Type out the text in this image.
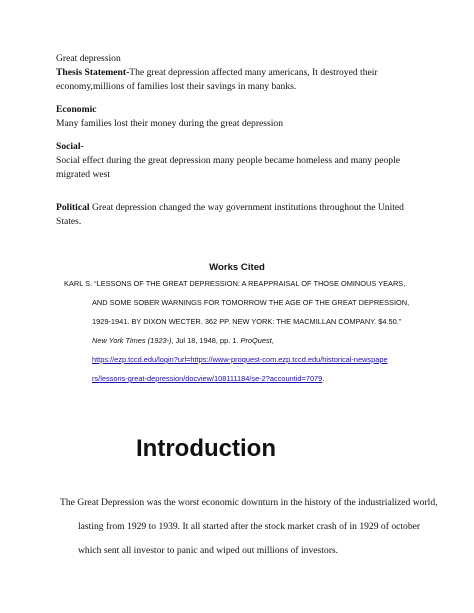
Great depression

Thesis Statement-The great depression affected many americans, It destroyed their economy,millions of families lost their savings in many banks.

Economic

Many families lost their money during the great depression

Social-

Social effect during the great depression many people became homeless and many people migrated west

Political Great depression changed the way government institutions throughout the United States.

Works Cited
KARL S. “LESSONS OF THE GREAT DEPRESSION: A REAPPRAISAL OF THOSE OMINOUS YEARS,
AND SOME SOBER WARNINGS FOR TOMORROW THE AGE OF THE GREAT DEPRESSION,
1929-1941. BY DIXON WECTER. 362 PP. NEW YORK: THE MACMILLAN COMPANY. $4.50.”
New York Times (1923-), Jul 18, 1948, pp. 1. ProQuest,
https://ezp.tccd.edu/login?url=https://www-proquest-com.ezp.tccd.edu/historical-newspape
rs/lessons-great-depression/docview/108111184/se-2?accountid=7079.
Introduction
The Great Depression was the worst economic downturn in the history of the industrialized world, lasting from 1929 to 1939. It all started after the stock market crash of in 1929 of october which sent all investor to panic and wiped out millions of investors.
